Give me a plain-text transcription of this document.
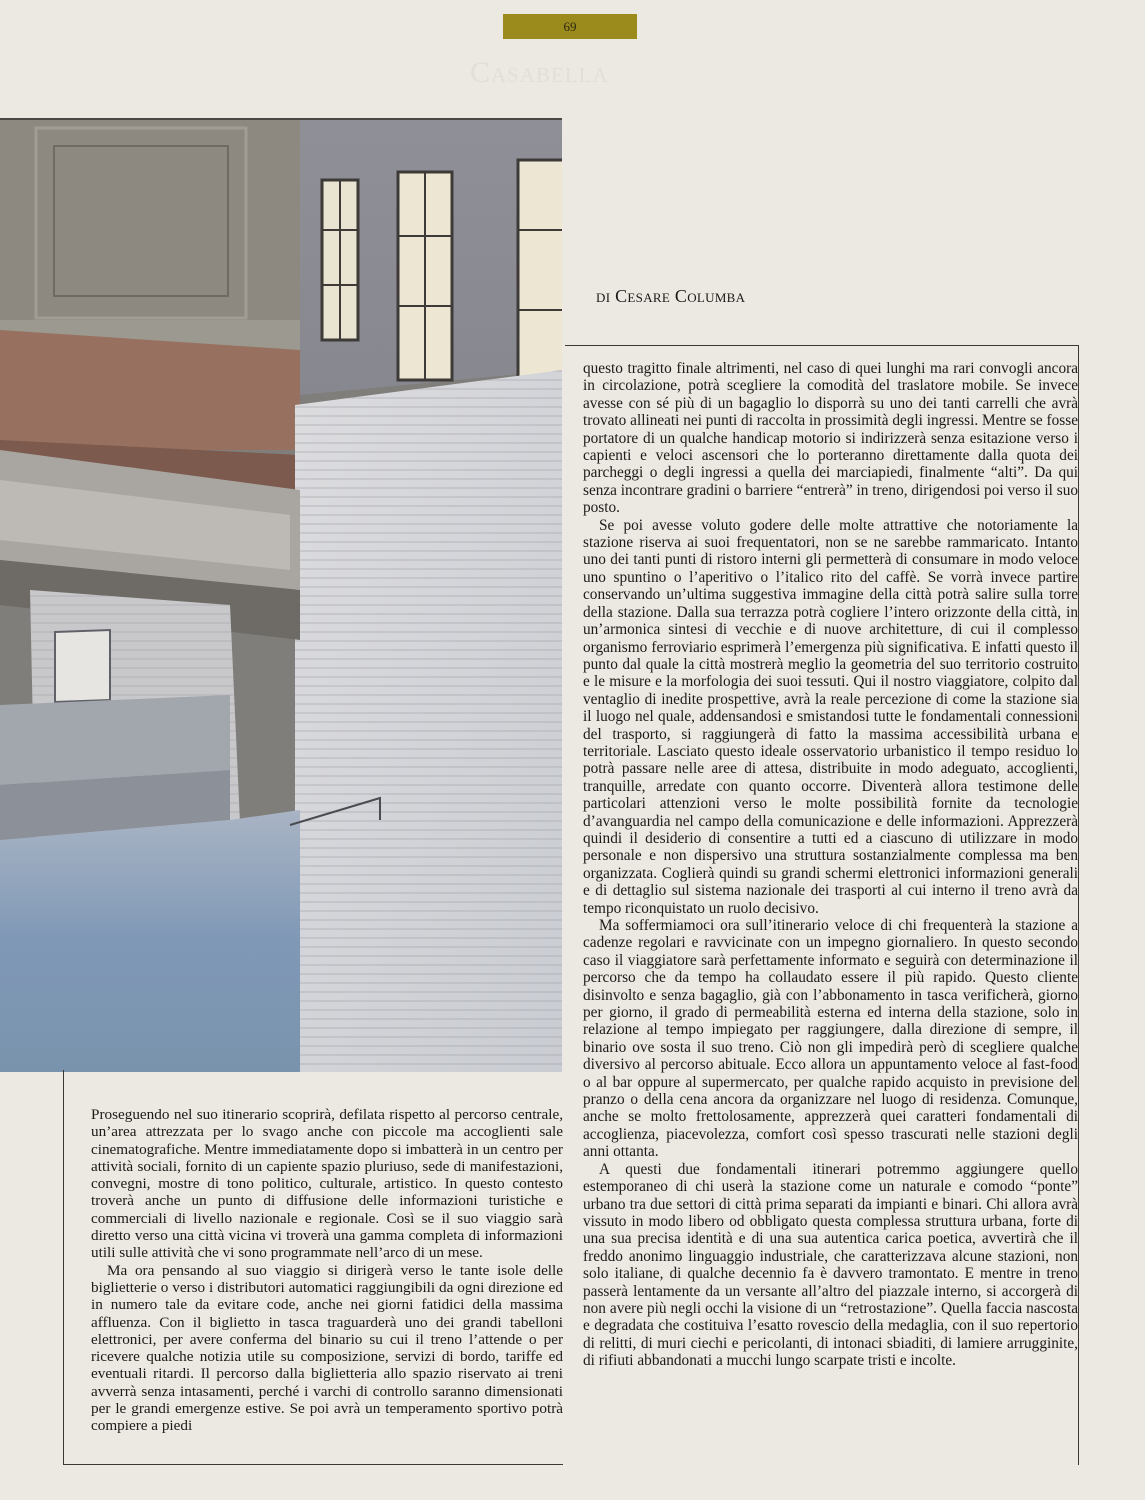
69
Casabella
di Cesare Columba

questo tragitto finale altrimenti, nel caso di quei lunghi ma rari convogli ancora in circolazione, potrà scegliere la comodità del traslatore mobile. Se invece avesse con sé più di un bagaglio lo disporrà su uno dei tanti carrelli che avrà trovato allineati nei punti di raccolta in prossimità degli ingressi. Mentre se fosse portatore di un qualche handicap motorio si indirizzerà senza esitazione verso i capienti e veloci ascensori che lo porteranno direttamente dalla quota dei parcheggi o degli ingressi a quella dei marciapiedi, finalmente “alti”. Da qui senza incontrare gradini o barriere “entrerà” in treno, dirigendosi poi verso il suo posto.

Se poi avesse voluto godere delle molte attrattive che notoriamente la stazione riserva ai suoi frequentatori, non se ne sarebbe rammaricato. Intanto uno dei tanti punti di ristoro interni gli permetterà di consumare in modo veloce uno spuntino o l’aperitivo o l’italico rito del caffè. Se vorrà invece partire conservando un’ultima suggestiva immagine della città potrà salire sulla torre della stazione. Dalla sua terrazza potrà cogliere l’intero orizzonte della città, in un’armonica sintesi di vecchie e di nuove architetture, di cui il complesso organismo ferroviario esprimerà l’emergenza più significativa. E infatti questo il punto dal quale la città mostrerà meglio la geometria del suo territorio costruito e le misure e la morfologia dei suoi tessuti. Qui il nostro viaggiatore, colpito dal ventaglio di inedite prospettive, avrà la reale percezione di come la stazione sia il luogo nel quale, addensandosi e smistandosi tutte le fondamentali connessioni del trasporto, si raggiungerà di fatto la massima accessibilità urbana e territoriale. Lasciato questo ideale osservatorio urbanistico il tempo residuo lo potrà passare nelle aree di attesa, distribuite in modo adeguato, accoglienti, tranquille, arredate con quanto occorre. Diventerà allora testimone delle particolari attenzioni verso le molte possibilità fornite da tecnologie d’avanguardia nel campo della comunicazione e delle informazioni. Apprezzerà quindi il desiderio di consentire a tutti ed a ciascuno di utilizzare in modo personale e non dispersivo una struttura sostanzialmente complessa ma ben organizzata. Coglierà quindi su grandi schermi elettronici informazioni generali e di dettaglio sul sistema nazionale dei trasporti al cui interno il treno avrà da tempo riconquistato un ruolo decisivo.

Ma soffermiamoci ora sull’itinerario veloce di chi frequenterà la stazione a cadenze regolari e ravvicinate con un impegno giornaliero. In questo secondo caso il viaggiatore sarà perfettamente informato e seguirà con determinazione il percorso che da tempo ha collaudato essere il più rapido. Questo cliente disinvolto e senza bagaglio, già con l’abbonamento in tasca verificherà, giorno per giorno, il grado di permeabilità esterna ed interna della stazione, solo in relazione al tempo impiegato per raggiungere, dalla direzione di sempre, il binario ove sosta il suo treno. Ciò non gli impedirà però di scegliere qualche diversivo al percorso abituale. Ecco allora un appuntamento veloce al fast-food o al bar oppure al supermercato, per qualche rapido acquisto in previsione del pranzo o della cena ancora da organizzare nel luogo di residenza. Comunque, anche se molto frettolosamente, apprezzerà quei caratteri fondamentali di accoglienza, piacevolezza, comfort così spesso trascurati nelle stazioni degli anni ottanta.

A questi due fondamentali itinerari potremmo aggiungere quello estemporaneo di chi userà la stazione come un naturale e comodo “ponte” urbano tra due settori di città prima separati da impianti e binari. Chi allora avrà vissuto in modo libero od obbligato questa complessa struttura urbana, forte di una sua precisa identità e di una sua autentica carica poetica, avvertirà che il freddo anonimo linguaggio industriale, che caratterizzava alcune stazioni, non solo italiane, di qualche decennio fa è davvero tramontato. E mentre in treno passerà lentamente da un versante all’altro del piazzale interno, si accorgerà di non avere più negli occhi la visione di un “retrostazione”. Quella faccia nascosta e degradata che costituiva l’esatto rovescio della medaglia, con il suo repertorio di relitti, di muri ciechi e pericolanti, di intonaci sbiaditi, di lamiere arrugginite, di rifiuti abbandonati a mucchi lungo scarpate tristi e incolte.

Proseguendo nel suo itinerario scoprirà, defilata rispetto al percorso centrale, un’area attrezzata per lo svago anche con piccole ma accoglienti sale cinematografiche. Mentre immediatamente dopo si imbatterà in un centro per attività sociali, fornito di un capiente spazio pluriuso, sede di manifestazioni, convegni, mostre di tono politico, culturale, artistico. In questo contesto troverà anche un punto di diffusione delle informazioni turistiche e commerciali di livello nazionale e regionale. Così se il suo viaggio sarà diretto verso una città vicina vi troverà una gamma completa di informazioni utili sulle attività che vi sono programmate nell’arco di un mese.

Ma ora pensando al suo viaggio si dirigerà verso le tante isole delle biglietterie o verso i distributori automatici raggiungibili da ogni direzione ed in numero tale da evitare code, anche nei giorni fatidici della massima affluenza. Con il biglietto in tasca traguarderà uno dei grandi tabelloni elettronici, per avere conferma del binario su cui il treno l’attende o per ricevere qualche notizia utile su composizione, servizi di bordo, tariffe ed eventuali ritardi. Il percorso dalla biglietteria allo spazio riservato ai treni avverrà senza intasamenti, perché i varchi di controllo saranno dimensionati per le grandi emergenze estive. Se poi avrà un temperamento sportivo potrà compiere a piedi
